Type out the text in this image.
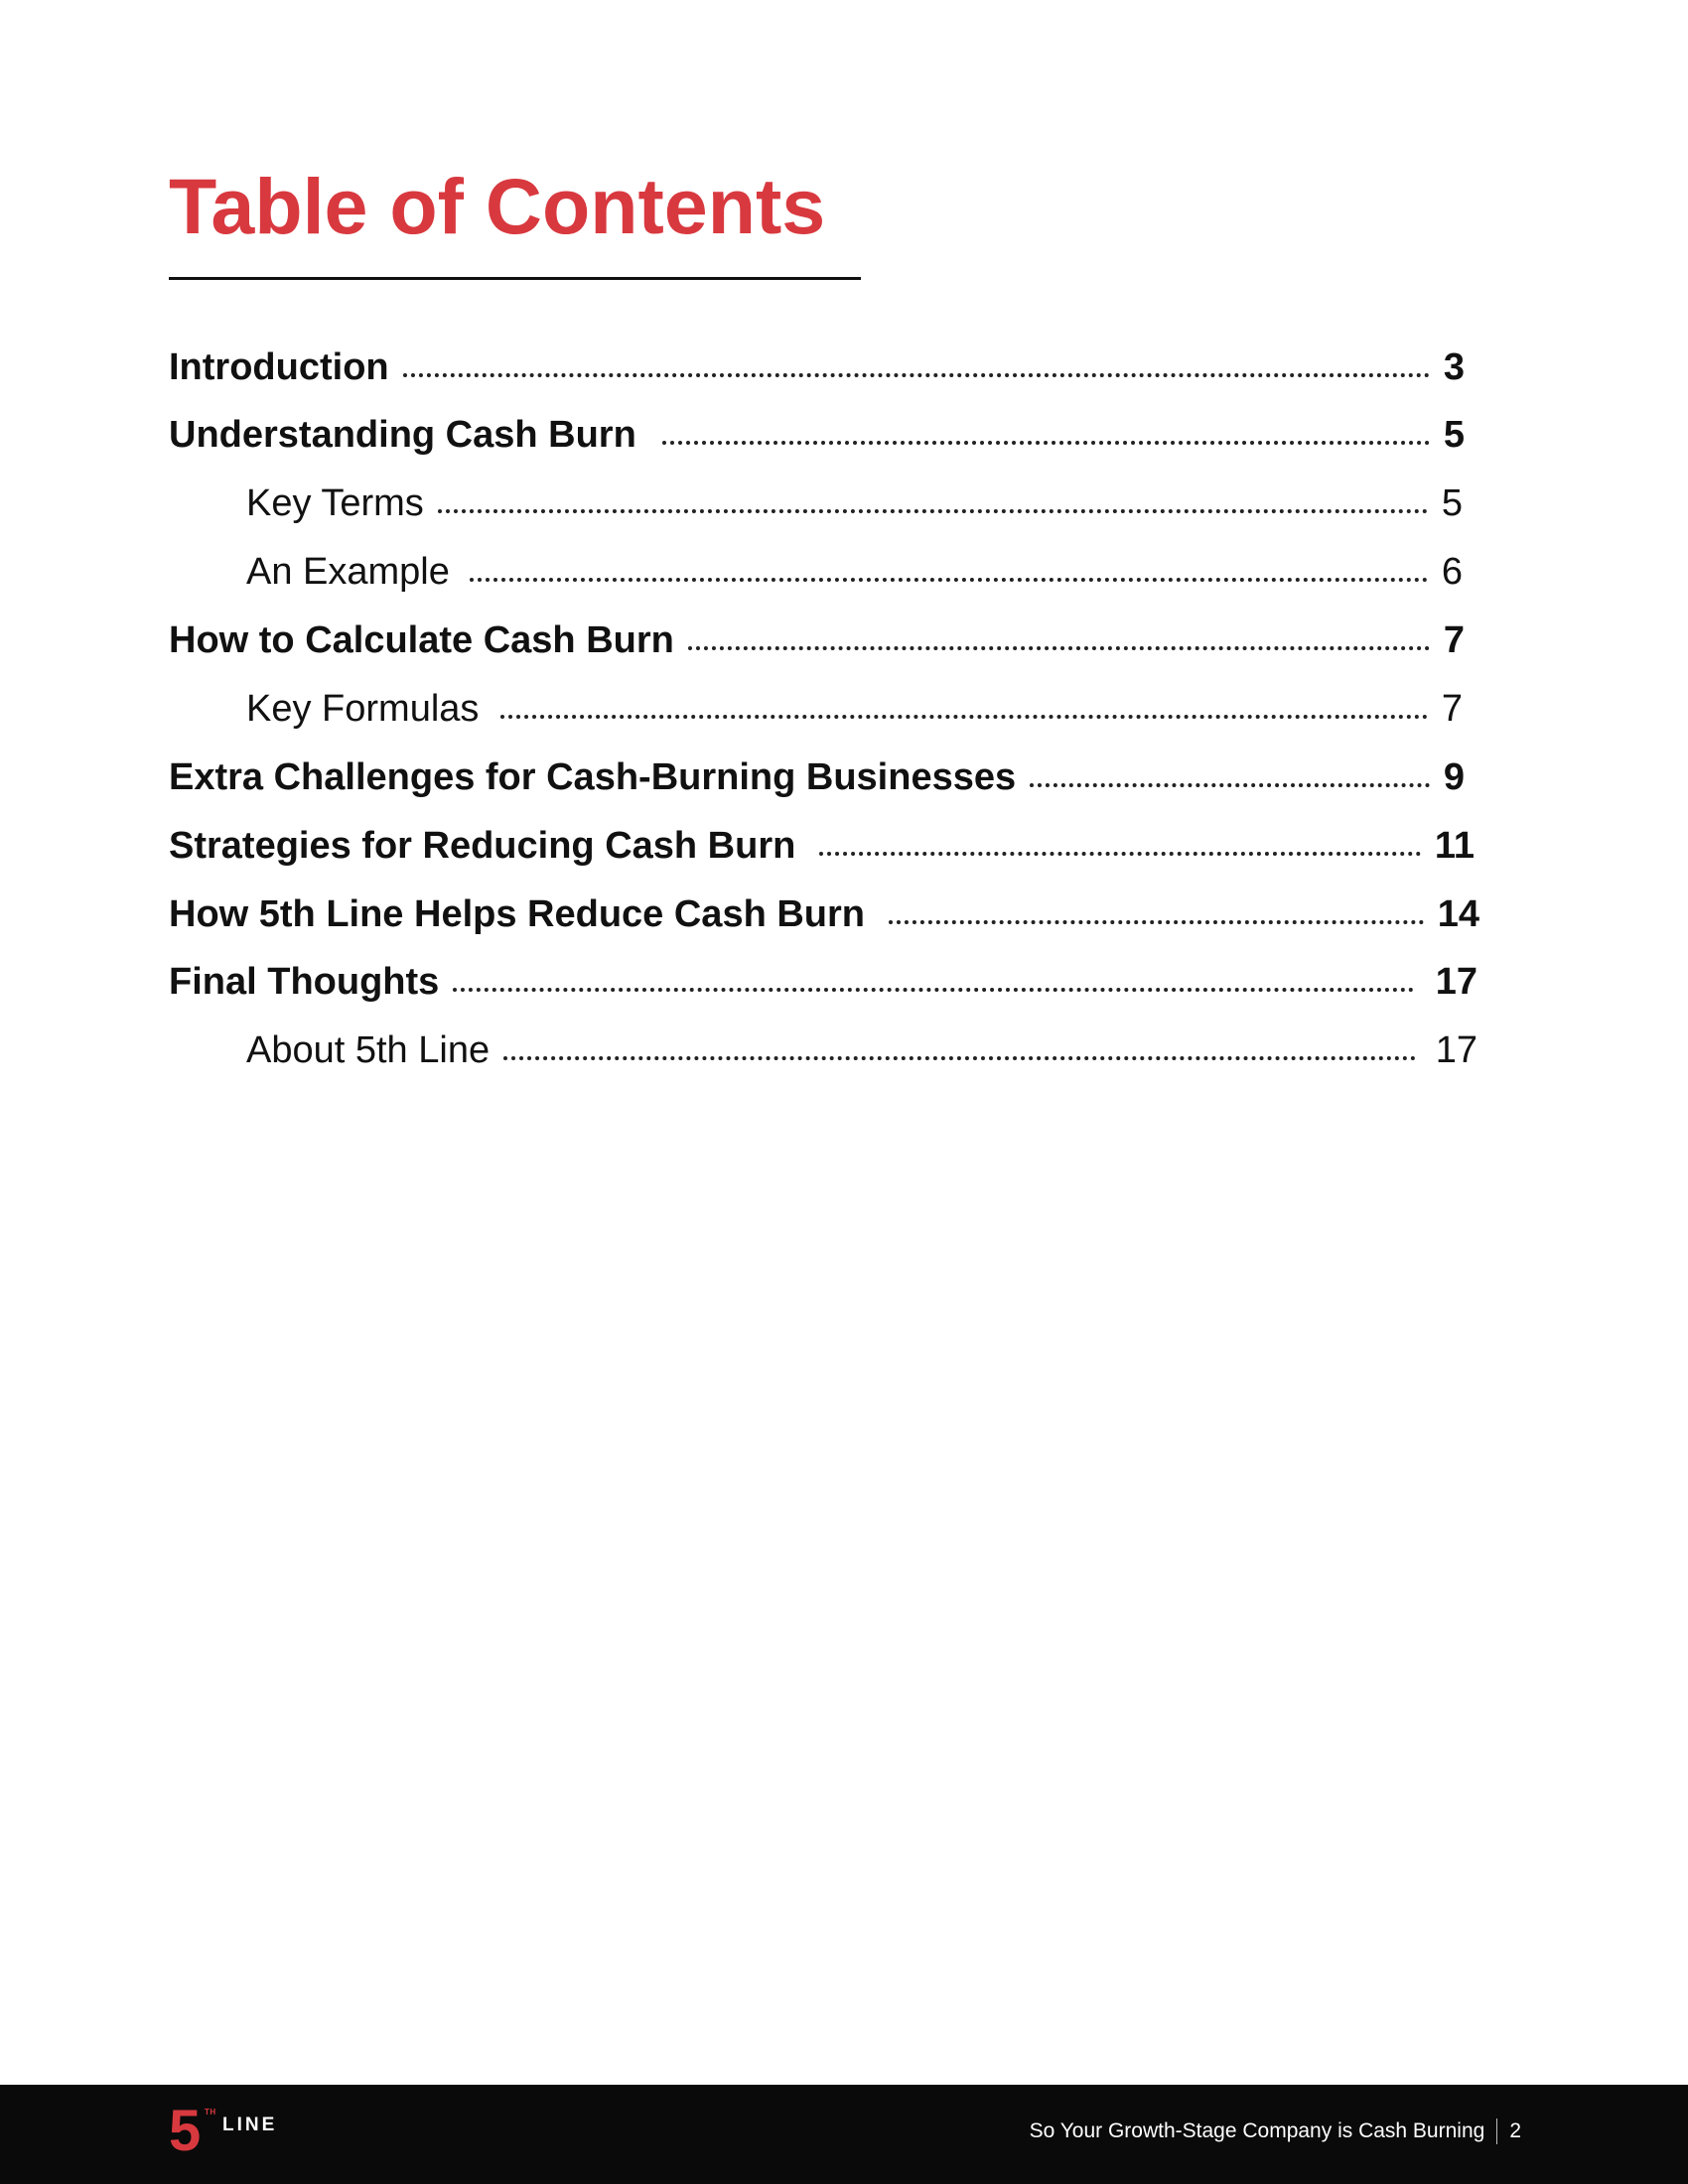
Table of Contents
Introduction	3
Understanding Cash Burn	5
Key Terms	5
An Example	6
How to Calculate Cash Burn	7
Key Formulas	7
Extra Challenges for Cash-Burning Businesses	9
Strategies for Reducing Cash Burn	11
How 5th Line Helps Reduce Cash Burn	14
Final Thoughts	17
About 5th Line	17
5 TH
LINE	So Your Growth-Stage Company is Cash Burning 2
